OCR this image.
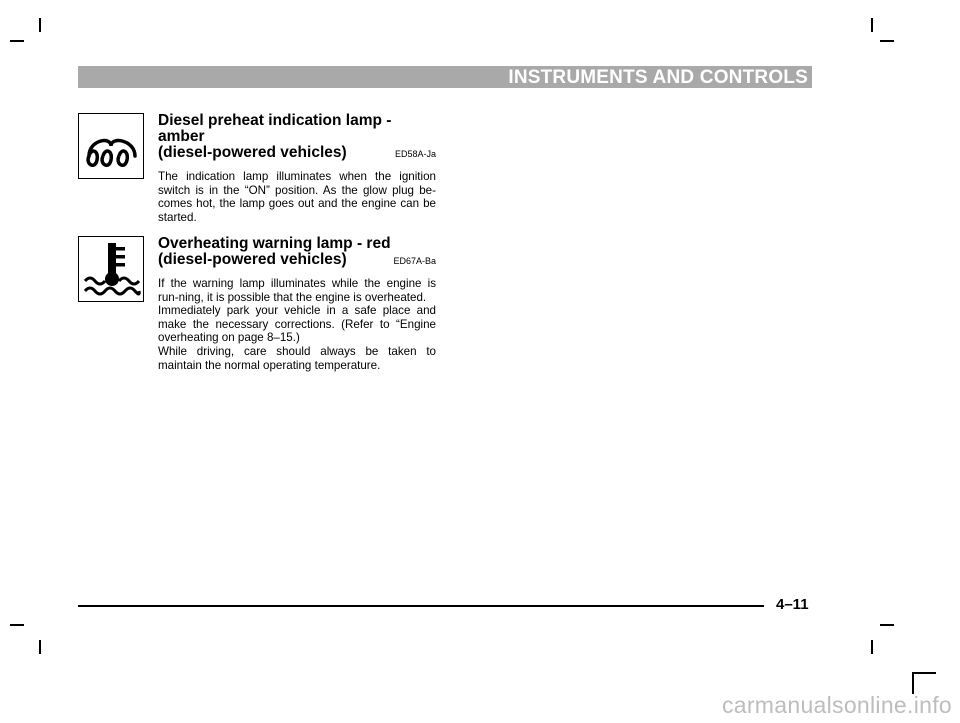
INSTRUMENTS AND CONTROLS
Diesel preheat indication lamp - amber
(diesel-powered vehicles)	ED58A-Ja

The indication lamp illuminates when the ignition switch is in the “ON” position. As the glow plug be-comes hot, the lamp goes out and the engine can be started.

Overheating warning lamp - red
(diesel-powered vehicles)	ED67A-Ba

If the warning lamp illuminates while the engine is run-ning, it is possible that the engine is overheated.

Immediately park your vehicle in a safe place and make the necessary corrections. (Refer to “Engine overheating on page 8–15.)

While driving, care should always be taken to maintain the normal operating temperature.

4–11
carmanualsonline.info
